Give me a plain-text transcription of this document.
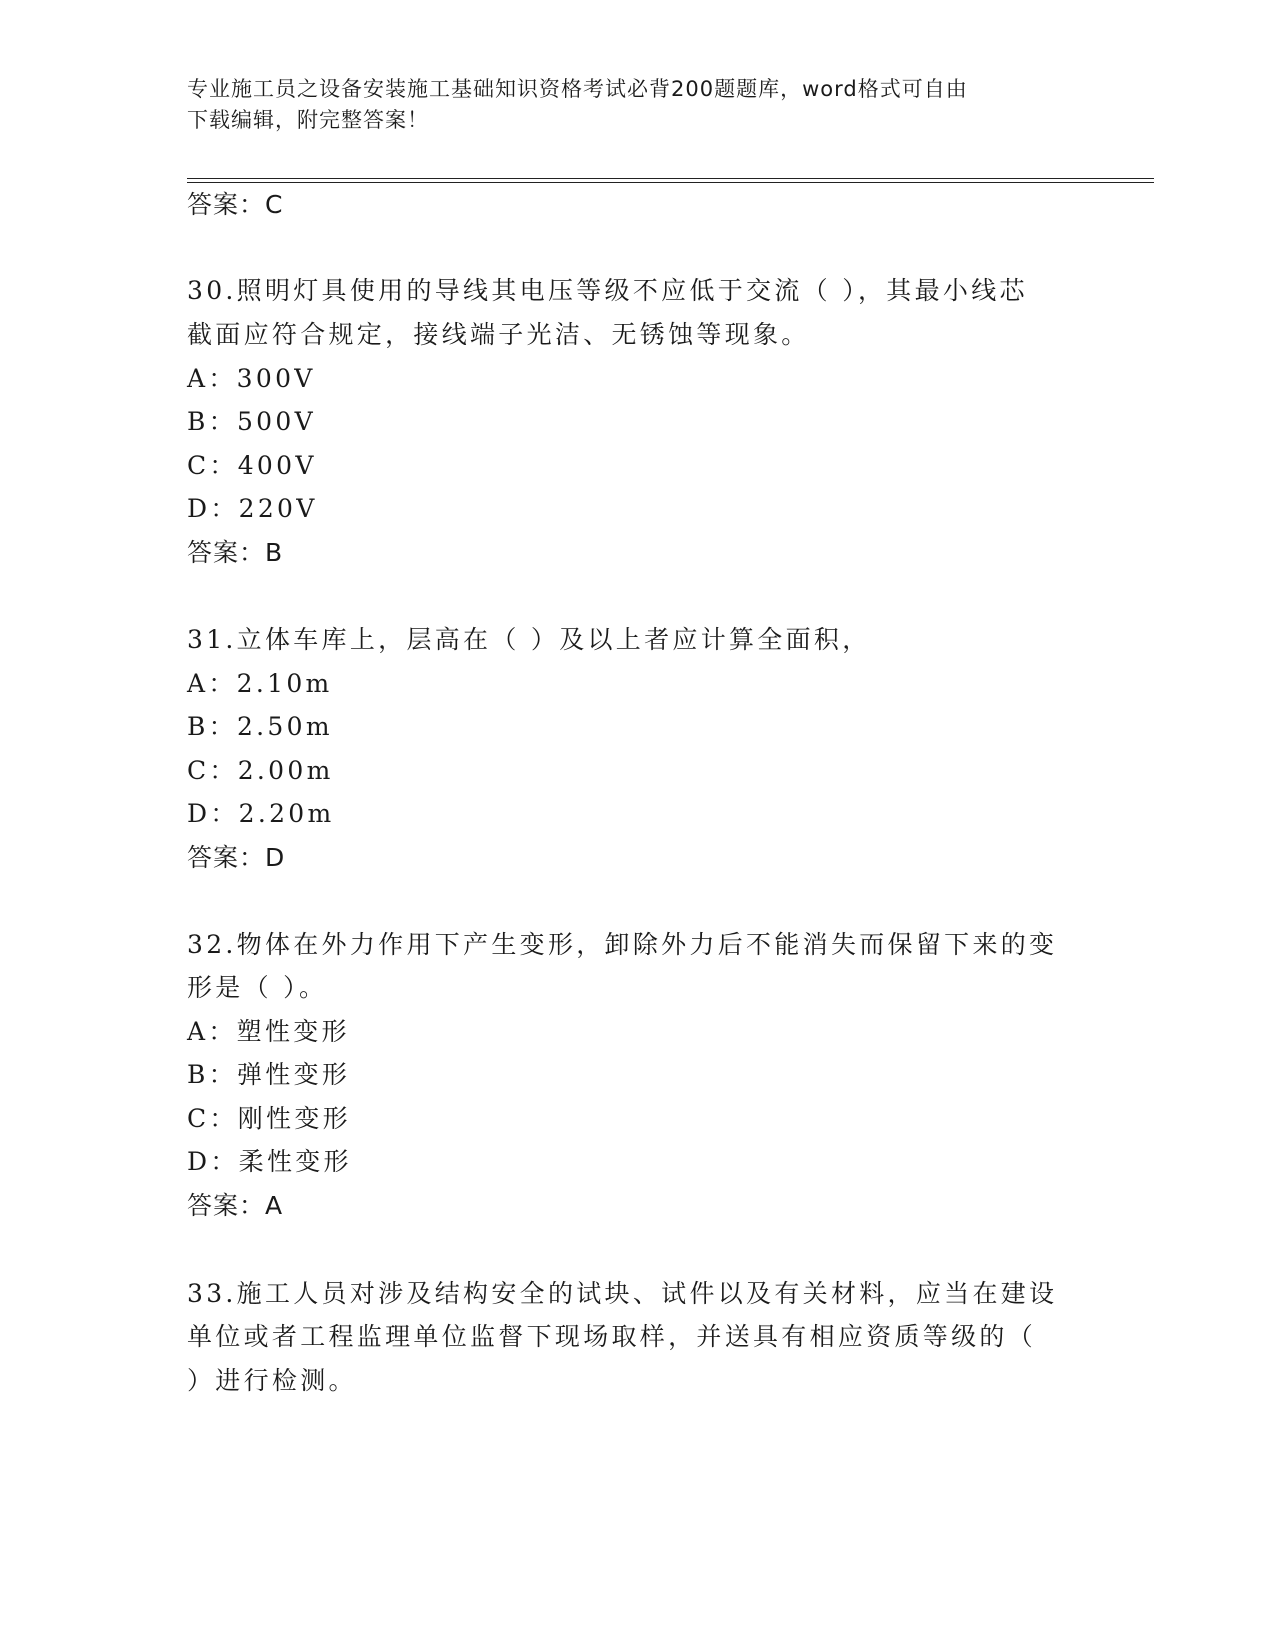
专业施工员之设备安装施工基础知识资格考试必背200题题库，word格式可自由
下载编辑，附完整答案！
答案：C
30.照明灯具使用的导线其电压等级不应低于交流（ ），其最小线芯
截面应符合规定，接线端子光洁、无锈蚀等现象。
A：300V
B：500V
C：400V
D：220V
答案：B
31.立体车库上，层高在（ ）及以上者应计算全面积，
A：2.10m
B：2.50m
C：2.00m
D：2.20m
答案：D
32.物体在外力作用下产生变形，卸除外力后不能消失而保留下来的变
形是（ ）。
A：塑性变形
B：弹性变形
C：刚性变形
D：柔性变形
答案：A
33.施工人员对涉及结构安全的试块、试件以及有关材料，应当在建设
单位或者工程监理单位监督下现场取样，并送具有相应资质等级的（
）进行检测。
